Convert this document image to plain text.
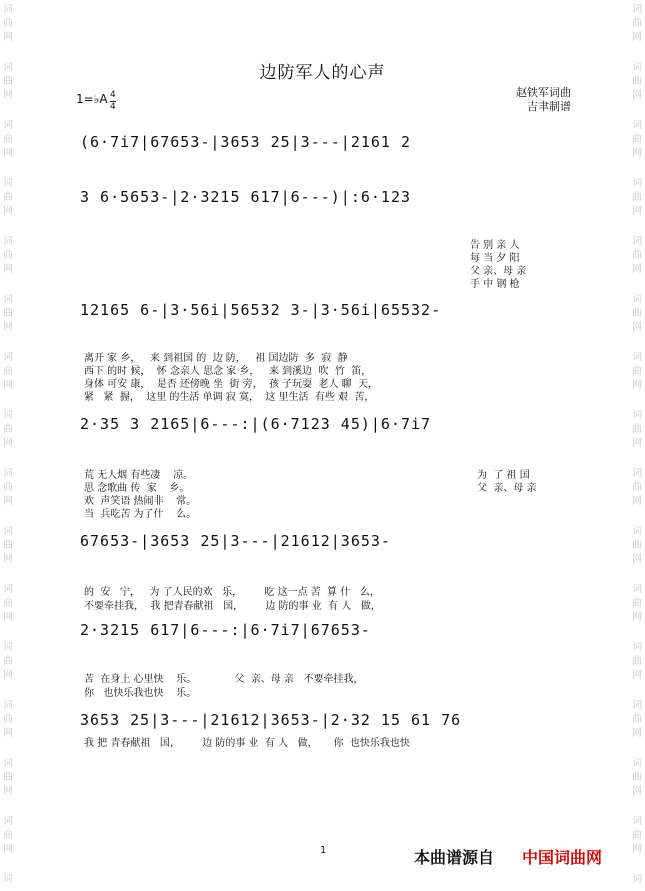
词
曲
网
词
曲
网
词
曲
网
词
曲
网
词
曲
网
词
曲
网
词
曲
网
词
曲
网
词
曲
网
词
曲
网
词
曲
网
词
曲
网
词
曲
网
词
曲
网
词
曲
网
词
词
曲
网
词
曲
网
词
曲
网
词
曲
网
词
曲
网
词
曲
网
词
曲
网
词
曲
网
词
曲
网
词
曲
网
词
曲
网
词
曲
网
词
曲
网
词
曲
网
词
曲
网
词
边防军人的心声
1=♭A 4
4
赵铁军词曲
吉聿制谱
(6·7i7|67653-|3653 25|3---|2161 2
3 6·5653-|2·3215 617|6---)|:6·123

告 别 亲 人
每 当 夕 阳
父 亲、母 亲
手 中 钢 枪

12165 6-|3·56i|56532 3-|3·56i|65532-

离开 家 乡，   来 到祖国 的  边 防，   祖 国边防  多  寂  静
西下 的时 候，  怀 念亲人 思念 家 乡，   来 到溪边  吹  竹  笛，
身体 可安 康，  是否 还傍晚 坐  街 旁，  孩 子玩耍  老人 聊  天，
紧   紧  握，  这里 的生活 单调 寂 寞，  这 里生活  有些 艰  苦，

2·35 3 2165|6---:|(6·7123 45)|6·7i7

荒 无人烟 有些凄    凉。
思 念歌曲 传  家    乡。
欢  声笑语 热闹非    常。
当  兵吃苦 为了什    么。

为  了 祖 国
父  亲、母 亲

67653-|3653 25|3---|21612|3653-

的  安   宁，   为 了人民的欢   乐，       吃 这一点 苦  算 什   么，
不要牵挂我，  我 把青春献祖   国，       边 防的事 业  有 人   做，

2·3215 617|6---:|6·7i7|67653-

苦  在身上 心里快    乐。            父  亲、母 亲   不要牵挂我，
你   也快乐我也快    乐。

3653 25|3---|21612|3653-|2·32 15 61 76
我 把 青春献祖   国，       边 防的事 业  有 人   做，     你  也快乐我也快
1	本曲谱源自 中国词曲网
